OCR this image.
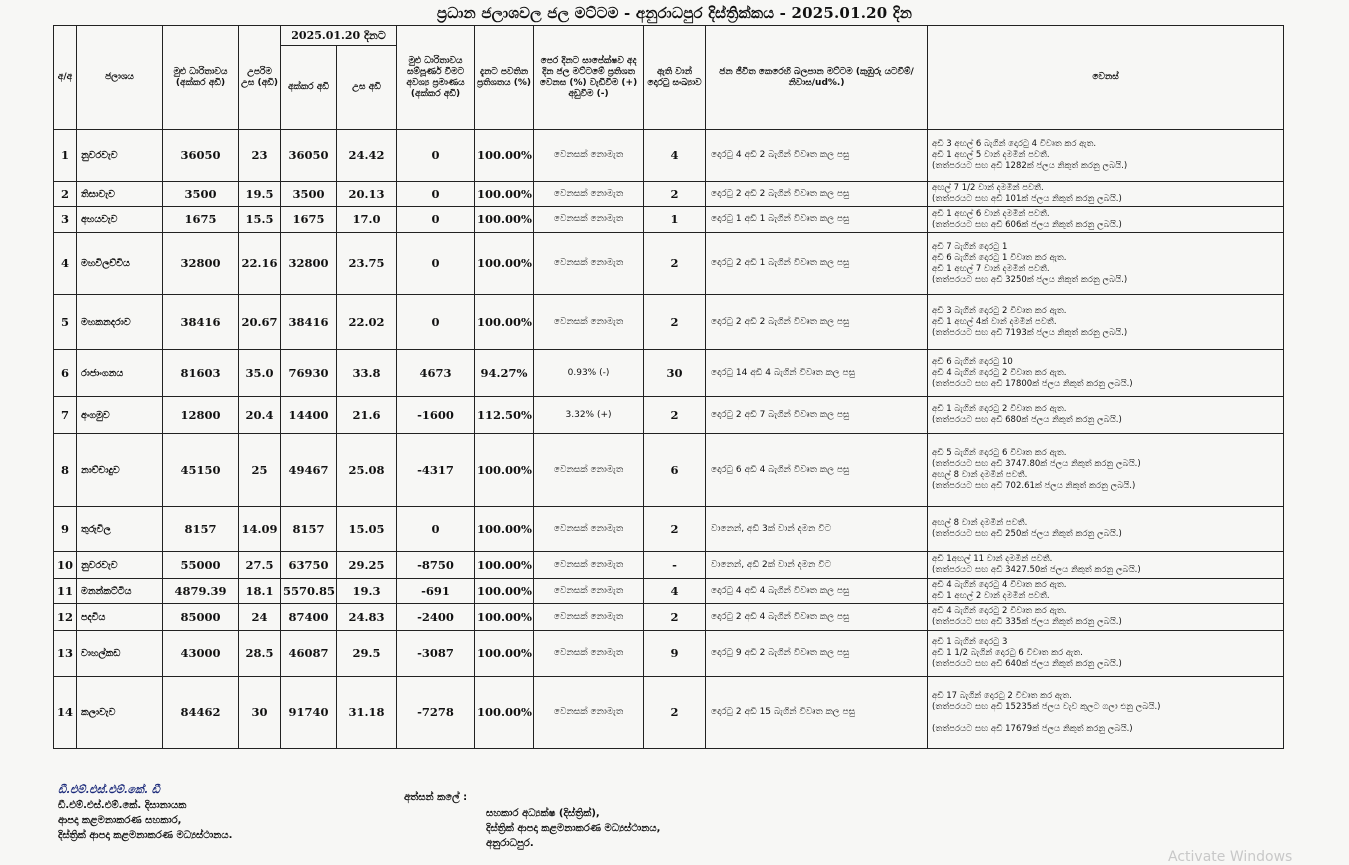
ප්‍රධාන ජලාශවල ජල මට්ටම - අනුරාධපුර දිස්ත්‍රික්කය - 2025.01.20 දින
අ/අ	ජලාශය	මුළු ධාරිතාවය (අක්කර අඩි)	උපරිම උස (අඩි)	2025.01.20 දිනට		මුළු ධාරිතාවය සම්පූර්ණ වීමට අවශ්‍ය ප්‍රමාණය (අක්කර අඩි)	දැනට පවතින ප්‍රතිශතය (%)	පෙර දිනට සාපේක්ෂව අද දින ජල මට්ටමේ ප්‍රතිශත වෙනස (%) වැඩිවීම (+) අඩුවීම (-)	ඇති වාන් දොරටු සංඛ්‍යාව	ජන ජීවිත කෙරෙහි බලපාන මට්ටම (කුඹුරු යටවීම්/නිවාස/ud%.)	වෙනස්
				අක්කර අඩි	උස අඩි						
1	නුවරවැව	36050	23	36050	24.42	0	100.00%	වෙනසක් නොමැත	4	දොරටු 4 අඩි 2 බැගින් විවෘත කල පසු	අඩි 3 අඟල් 6 බැගින් දොරටු 4 විවෘත කර ඇත.
අඩි 1 අඟල් 5 වාන් දමමින් පවතී.
(තත්පරයට සඟ අඩි 1282ක් ජලය නිකුත් කරනු ලබයි.)

2	තිසාවැව	3500	19.5	3500	20.13	0	100.00%	වෙනසක් නොමැත	2	දොරටු 2 අඩි 2 බැගින් විවෘත කල පසු	අඟල් 7 1/2 වාන් දමමින් පවතී.
(තත්පරයට සඟ අඩි 101ක් ජලය නිකුත් කරනු ලබයි.)

3	අභයවැව	1675	15.5	1675	17.0	0	100.00%	වෙනසක් නොමැත	1	දොරටු 1 අඩි 1 බැගින් විවෘත කල පසු	අඩි 1 අඟල් 6 වාන් දමමින් පවතී.
(තත්පරයට සඟ අඩි 606ක් ජලය නිකුත් කරනු ලබයි.)

4	මහවිලච්චිය	32800	22.16	32800	23.75	0	100.00%	වෙනසක් නොමැත	2	දොරටු 2 අඩි 1 බැගින් විවෘත කල පසු	අඩි 7 බැගින් දොරටු 1
අඩි 6 බැගින් දොරටු 1 විවෘත කර ඇත.
අඩි 1 අඟල් 7 වාන් දමමින් පවතී.
(තත්පරයට සඟ අඩි 3250ක් ජලය නිකුත් කරනු ලබයි.)

5	මහකනදරාව	38416	20.67	38416	22.02	0	100.00%	වෙනසක් නොමැත	2	දොරටු 2 අඩි 2 බැගින් විවෘත කල පසු	අඩි 3 බැගින් දොරටු 2 විවෘත කර ඇත.
අඩි 1 අඟල් 4ක් වාන් දමමින් පවතී.
(තත්පරයට සඟ අඩි 7193ක් ජලය නිකුත් කරනු ලබයි.)

6	රාජාංගනය	81603	35.0	76930	33.8	4673	94.27%	0.93% (-)	30	දොරටු 14 අඩි 4 බැගින් විවෘත කල පසු	අඩි 6 බැගින් දොරටු 10
අඩි 4 බැගින් දොරටු 2 විවෘත කර ඇත.
(තත්පරයට සඟ අඩි 17800ක් ජලය නිකුත් කරනු ලබයි.)

7	අංගමුව	12800	20.4	14400	21.6	-1600	112.50%	3.32% (+)	2	දොරටු 2 අඩි 7 බැගින් විවෘත කල පසු	අඩි 1 බැගින් දොරටු 2 විවෘත කර ඇත.
(තත්පරයට සඟ අඩි 680ක් ජලය නිකුත් කරනු ලබයි.)

8	නාච්චාදුව	45150	25	49467	25.08	-4317	100.00%	වෙනසක් නොමැත	6	දොරටු 6 අඩි 4 බැගින් විවෘත කල පසු	අඩි 5 බැගින් දොරටු 6 විවෘත කර ඇත.
(තත්පරයට සඟ අඩි 3747.80ක් ජලය නිකුත් කරනු ලබයි.)
අඟල් 8 වාන් දමමින් පවතී.
(තත්පරයට සඟ අඩි 702.61ක් ජලය නිකුත් කරනු ලබයි.)

9	තුරුවිල	8157	14.09	8157	15.05	0	100.00%	වෙනසක් නොමැත	2	වානෙන්, අඩි 3ක් වාන් දමන විට	අඟල් 8 වාන් දමමින් පවතී.
(තත්පරයට සඟ අඩි 250ක් ජලය නිකුත් කරනු ලබයි.)

10	නුවරවැව	55000	27.5	63750	29.25	-8750	100.00%	වෙනසක් නොමැත	-	වානෙන්, අඩි 2ක් වාන් දමන විට	අඩි 1අඟල් 11 වාන් දමමින් පවතී.
(තත්පරයට සඟ අඩි 3427.50ක් ජලය නිකුත් කරනු ලබයි.)

11	මනන්කට්ටිය	4879.39	18.1	5570.85	19.3	-691	100.00%	වෙනසක් නොමැත	4	දොරටු 4 අඩි 4 බැගින් විවෘත කල පසු	අඩි 4 බැගින් දොරටු 4 විවෘත කර ඇත.
අඩි 1 අඟල් 2 වාන් දමමින් පවතී.

12	පදවිය	85000	24	87400	24.83	-2400	100.00%	වෙනසක් නොමැත	2	දොරටු 2 අඩි 4 බැගින් විවෘත කල පසු	අඩි 4 බැගින් දොරටු 2 විවෘත කර ඇත.
(තත්පරයට සඟ අඩි 335ක් ජලය නිකුත් කරනු ලබයි.)

13	වාහල්කඩ	43000	28.5	46087	29.5	-3087	100.00%	වෙනසක් නොමැත	9	දොරටු 9 අඩි 2 බැගින් විවෘත කල පසු	අඩි 1 බැගින් දොරටු 3
අඩි 1 1/2 බැගින් දොරටු 6 විවෘත කර ඇත.
(තත්පරයට සඟ අඩි 640ක් ජලය නිකුත් කරනු ලබයි.)

14	කලාවැව	84462	30	91740	31.18	-7278	100.00%	වෙනසක් නොමැත	2	දොරටු 2 අඩි 15 බැගින් විවෘත කල පසු	අඩි 17 බැගින් දොරටු 2 විවෘත කර ඇත.
(තත්පරයට සඟ අඩි 15235ක් ජලය වැව කුලට ගලා එනු ලබයි.)

(තත්පරයට සඟ අඩි 17679ක් ජලය නිකුත් කරනු ලබයි.)
ඩී.එම්.එස්.එම්.කේ. ඩී
ඩී.එම්.එස්.එම්.කේ. දිසානායක
ආපදා කළමනාකරණ සහකාර,
දිස්ත්‍රික් ආපදා කළමනාකරණ මධ්‍යස්ථානය.
අත්සන් කලේ :
සහකාර අධ්‍යක්ෂ (දිස්ත්‍රික්),
දිස්ත්‍රික් ආපදා කළමනාකරණ මධ්‍යස්ථානය,
අනුරාධපුර.
Activate Windows
